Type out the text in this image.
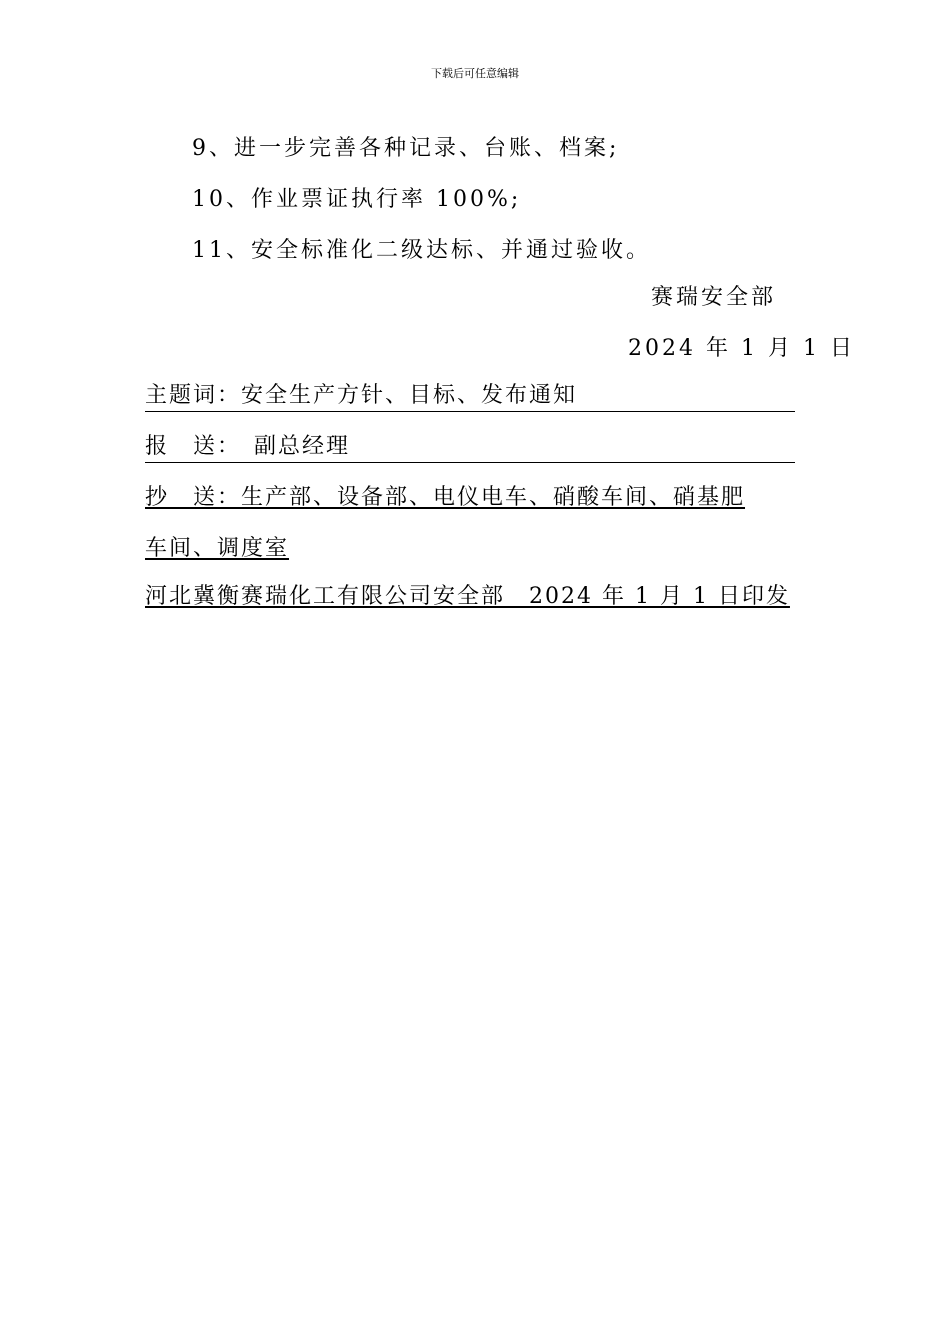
下载后可任意编辑
9、进一步完善各种记录、台账、档案;
10、作业票证执行率 100%;
11、安全标准化二级达标、并通过验收。
赛瑞安全部
2024 年 1 月 1 日
主题词：安全生产方针、目标、发布通知
报　送：　副总经理
抄　送：生产部、设备部、电仪电车、硝酸车间、硝基肥
车间、调度室
河北冀衡赛瑞化工有限公司安全部　2024 年 1 月 1 日印发
